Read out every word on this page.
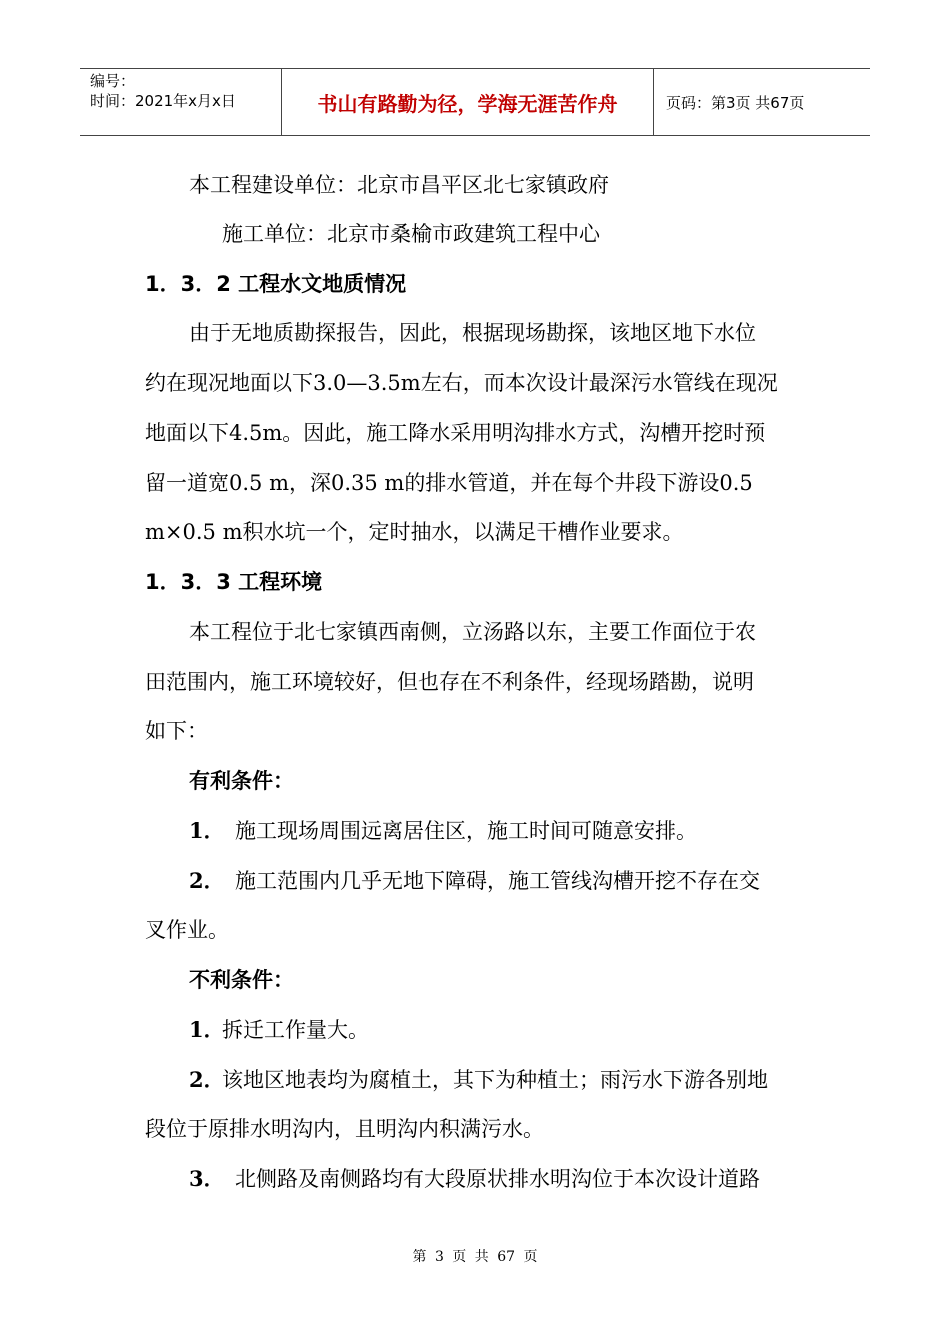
编号：
时间：2021年x月x日	书山有路勤为径，学海无涯苦作舟	页码：第3页 共67页
本工程建设单位：北京市昌平区北七家镇政府
施工单位：北京市桑榆市政建筑工程中心
1．3．2 工程水文地质情况
由于无地质勘探报告，因此，根据现场勘探，该地区地下水位
约在现况地面以下3.0—3.5m左右，而本次设计最深污水管线在现况
地面以下4.5m。因此，施工降水采用明沟排水方式，沟槽开挖时预
留一道宽0.5 m，深0.35 m的排水管道，并在每个井段下游设0.5
m×0.5 m积水坑一个，定时抽水，以满足干槽作业要求。
1．3．3 工程环境
本工程位于北七家镇西南侧，立汤路以东，主要工作面位于农
田范围内，施工环境较好，但也存在不利条件，经现场踏勘，说明
如下：
有利条件：
1． 施工现场周围远离居住区，施工时间可随意安排。
2． 施工范围内几乎无地下障碍，施工管线沟槽开挖不存在交
叉作业。
不利条件：
1．拆迁工作量大。
2．该地区地表均为腐植土，其下为种植土；雨污水下游各别地
段位于原排水明沟内，且明沟内积满污水。
3． 北侧路及南侧路均有大段原状排水明沟位于本次设计道路
第 3 页 共 67 页
